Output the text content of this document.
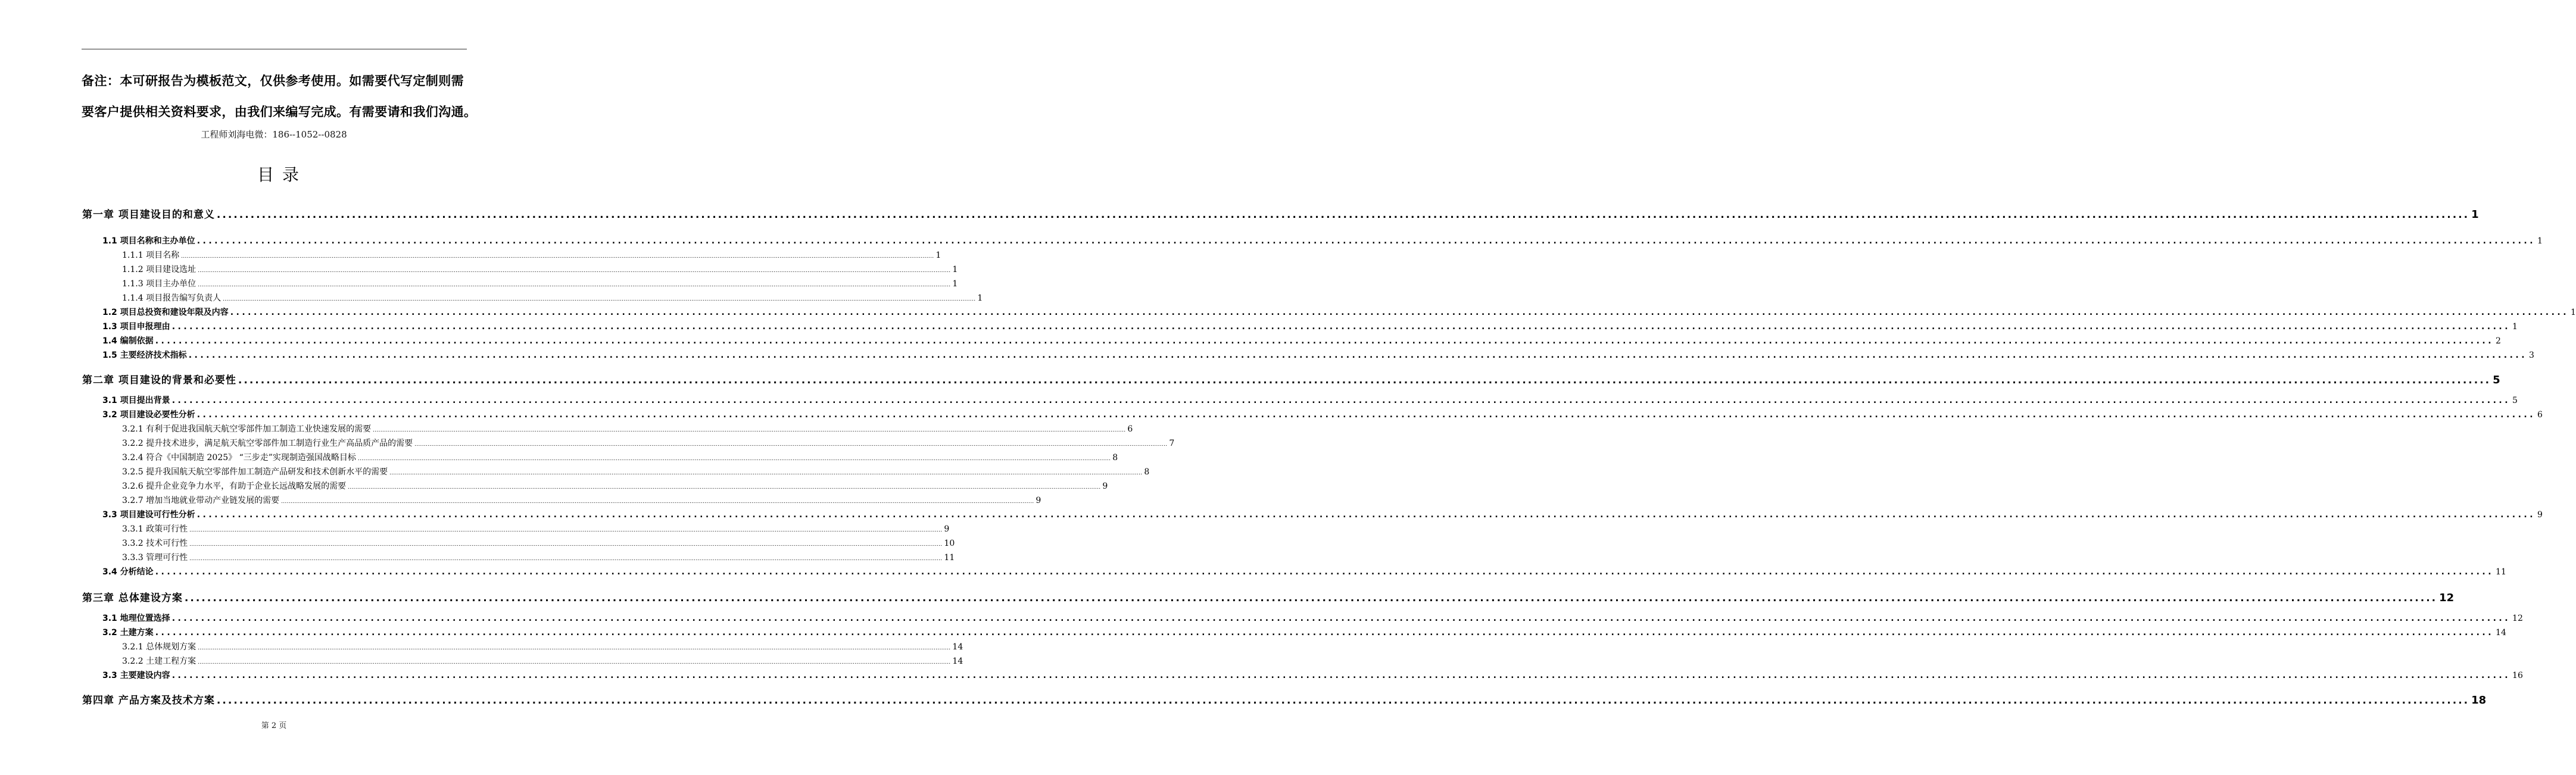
备注：本可研报告为模板范文，仅供参考使用。如需要代写定制则需
要客户提供相关资料要求，由我们来编写完成。有需要请和我们沟通。
工程师刘海电微：186--1052--0828
目录
第一章 项目建设目的和意义 ................................................................................................................................................................................................................................................................................................................................................................................................................ 1
1.1 项目名称和主办单位 ................................................................................................................................................................................................................................................................................................................................................................................................................ 1
1.1.1 项目名称 ................................................................................................................................................................................................................................................................................................................................................................................................................ 1
1.1.2 项目建设选址 ................................................................................................................................................................................................................................................................................................................................................................................................................ 1
1.1.3 项目主办单位 ................................................................................................................................................................................................................................................................................................................................................................................................................ 1
1.1.4 项目报告编写负责人 ................................................................................................................................................................................................................................................................................................................................................................................................................ 1
1.2 项目总投资和建设年限及内容 ................................................................................................................................................................................................................................................................................................................................................................................................................ 1
1.3 项目申报理由 ................................................................................................................................................................................................................................................................................................................................................................................................................ 1
1.4 编制依据 ................................................................................................................................................................................................................................................................................................................................................................................................................ 2
1.5 主要经济技术指标 ................................................................................................................................................................................................................................................................................................................................................................................................................ 3
第二章 项目建设的背景和必要性 ................................................................................................................................................................................................................................................................................................................................................................................................................ 5
3.1 项目提出背景 ................................................................................................................................................................................................................................................................................................................................................................................................................ 5
3.2 项目建设必要性分析 ................................................................................................................................................................................................................................................................................................................................................................................................................ 6
3.2.1 有利于促进我国航天航空零部件加工制造工业快速发展的需要 ................................................................................................................................................................................................................................................................................................................................................................................................................ 6
3.2.2 提升技术进步，满足航天航空零部件加工制造行业生产高品质产品的需要 ................................................................................................................................................................................................................................................................................................................................................................................................................ 7
3.2.4 符合《中国制造 2025》 “三步走”实现制造强国战略目标 ................................................................................................................................................................................................................................................................................................................................................................................................................ 8
3.2.5 提升我国航天航空零部件加工制造产品研发和技术创新水平的需要 ................................................................................................................................................................................................................................................................................................................................................................................................................ 8
3.2.6 提升企业竞争力水平，有助于企业长远战略发展的需要 ................................................................................................................................................................................................................................................................................................................................................................................................................ 9
3.2.7 增加当地就业带动产业链发展的需要 ................................................................................................................................................................................................................................................................................................................................................................................................................ 9
3.3 项目建设可行性分析 ................................................................................................................................................................................................................................................................................................................................................................................................................ 9
3.3.1 政策可行性 ................................................................................................................................................................................................................................................................................................................................................................................................................ 9
3.3.2 技术可行性 ................................................................................................................................................................................................................................................................................................................................................................................................................ 10
3.3.3 管理可行性 ................................................................................................................................................................................................................................................................................................................................................................................................................ 11
3.4 分析结论 ................................................................................................................................................................................................................................................................................................................................................................................................................ 11
第三章 总体建设方案 ................................................................................................................................................................................................................................................................................................................................................................................................................ 12
3.1 地理位置选择 ................................................................................................................................................................................................................................................................................................................................................................................................................ 12
3.2 土建方案 ................................................................................................................................................................................................................................................................................................................................................................................................................ 14
3.2.1 总体规划方案 ................................................................................................................................................................................................................................................................................................................................................................................................................ 14
3.2.2 土建工程方案 ................................................................................................................................................................................................................................................................................................................................................................................................................ 14
3.3 主要建设内容 ................................................................................................................................................................................................................................................................................................................................................................................................................ 16
第四章 产品方案及技术方案 ................................................................................................................................................................................................................................................................................................................................................................................................................ 18
第 2 页
